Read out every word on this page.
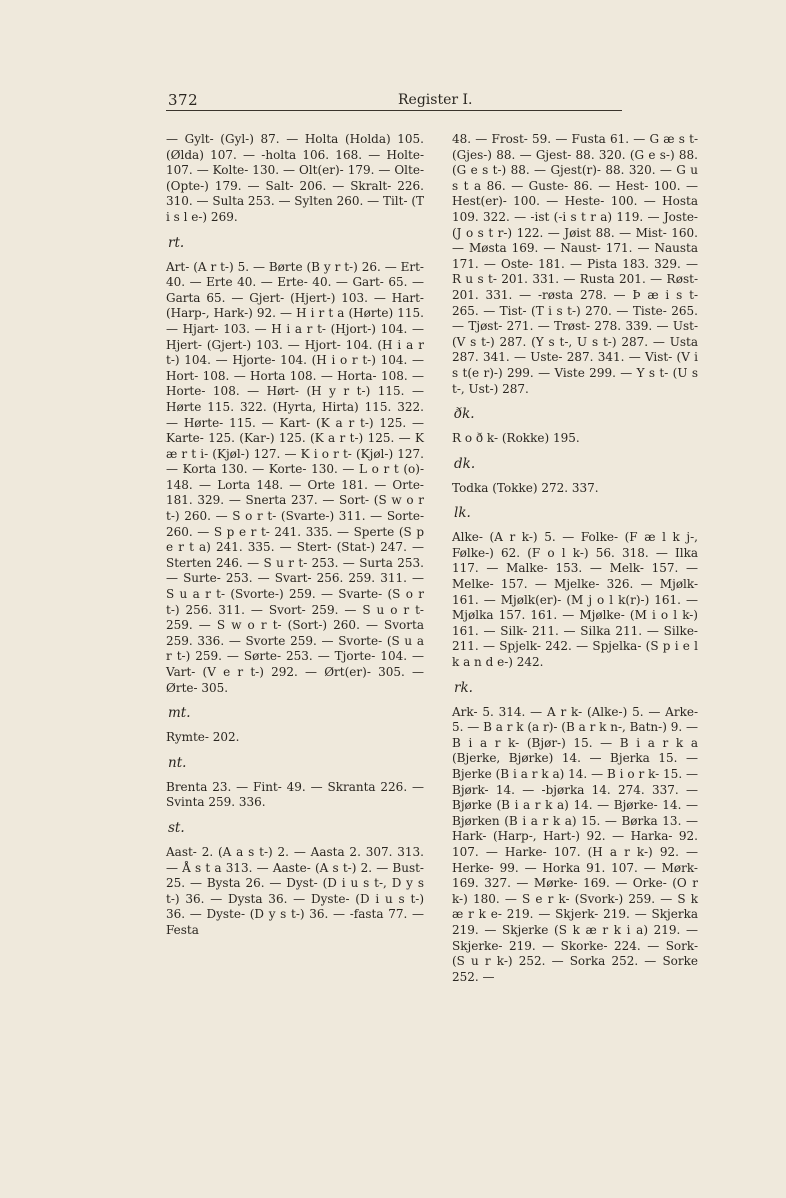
372	Register I.

— Gylt- (Gyl-) 87. — Holta (Holda) 105. (Ølda) 107. — -holta 106. 168. — Holte- 107. — Kolte- 130. — Olt(er)- 179. — Olte- (Opte-) 179. — Salt- 206. — Skralt- 226. 310. — Sulta 253. — Sylten 260. — Tilt- (T i s l e-) 269.

rt.

Art- (A r t-) 5. — Børte (B y r t-) 26. — Ert- 40. — Erte 40. — Erte- 40. — Gart- 65. — Garta 65. — Gjert- (Hjert-) 103. — Hart- (Harp-, Hark-) 92. — H i r t a (Hørte) 115. — Hjart- 103. — H i a r t- (Hjort-) 104. — Hjert- (Gjert-) 103. — Hjort- 104. (H i a r t-) 104. — Hjorte- 104. (H i o r t-) 104. — Hort- 108. — Horta 108. — Horta- 108. — Horte- 108. — Hørt- (H y r t-) 115. — Hørte 115. 322. (Hyrta, Hirta) 115. 322. — Hørte- 115. — Kart- (K a r t-) 125. — Karte- 125. (Kar-) 125. (K a r t-) 125. — K æ r t i- (Kjøl-) 127. — K i o r t- (Kjøl-) 127. — Korta 130. — Korte- 130. — L o r t (o)- 148. — Lorta 148. — Orte 181. — Orte- 181. 329. — Snerta 237. — Sort- (S w o r t-) 260. — S o r t- (Svarte-) 311. — Sorte- 260. — S p e r t- 241. 335. — Sperte (S p e r t a) 241. 335. — Stert- (Stat-) 247. — Sterten 246. — S u r t- 253. — Surta 253. — Surte- 253. — Svart- 256. 259. 311. — S u a r t- (Svorte-) 259. — Svarte- (S o r t-) 256. 311. — Svort- 259. — S u o r t- 259. — S w o r t- (Sort-) 260. — Svorta 259. 336. — Svorte 259. — Svorte- (S u a r t-) 259. — Sørte- 253. — Tjorte- 104. — Vart- (V e r t-) 292. — Ørt(er)- 305. — Ørte- 305.

mt.

Rymte- 202.

nt.

Brenta 23. — Fint- 49. — Skranta 226. — Svinta 259. 336.

st.

Aast- 2. (A a s t-) 2. — Aasta 2. 307. 313. — Å s t a 313. — Aaste- (A s t-) 2. — Bust- 25. — Bysta 26. — Dyst- (D i u s t-, D y s t-) 36. — Dysta 36. — Dyste- (D i u s t-) 36. — Dyste- (D y s t-) 36. — -fasta 77. — Festa

48. — Frost- 59. — Fusta 61. — G æ s t- (Gjes-) 88. — Gjest- 88. 320. (G e s-) 88. (G e s t-) 88. — Gjest(r)- 88. 320. — G u s t a 86. — Guste- 86. — Hest- 100. — Hest(er)- 100. — Heste- 100. — Hosta 109. 322. — -ist (-i s t r a) 119. — Joste- (J o s t r-) 122. — Jøist 88. — Mist- 160. — Møsta 169. — Naust- 171. — Nausta 171. — Oste- 181. — Pista 183. 329. — R u s t- 201. 331. — Rusta 201. — Røst- 201. 331. — -røsta 278. — Þ æ i s t- 265. — Tist- (T i s t-) 270. — Tiste- 265. — Tjøst- 271. — Trøst- 278. 339. — Ust- (V s t-) 287. (Y s t-, U s t-) 287. — Usta 287. 341. — Uste- 287. 341. — Vist- (V i s t(e r)-) 299. — Viste 299. — Y s t- (U s t-, Ust-) 287.

ðk.

R o ð k- (Rokke) 195.

dk.

Todka (Tokke) 272. 337.

lk.

Alke- (A r k-) 5. — Folke- (F æ l k j-, Følke-) 62. (F o l k-) 56. 318. — Ilka 117. — Malke- 153. — Melk- 157. — Melke- 157. — Mjelke- 326. — Mjølk- 161. — Mjølk(er)- (M j o l k(r)-) 161. — Mjølka 157. 161. — Mjølke- (M i o l k-) 161. — Silk- 211. — Silka 211. — Silke- 211. — Spjelk- 242. — Spjelka- (S p i e l k a n d e-) 242.

rk.

Ark- 5. 314. — A r k- (Alke-) 5. — Arke- 5. — B a r k (a r)- (B a r k n-, Batn-) 9. — B i a r k- (Bjør-) 15. — B i a r k a (Bjerke, Bjørke) 14. — Bjerka 15. — Bjerke (B i a r k a) 14. — B i o r k- 15. — Bjørk- 14. — -bjørka 14. 274. 337. — Bjørke (B i a r k a) 14. — Bjørke- 14. — Bjørken (B i a r k a) 15. — Børka 13. — Hark- (Harp-, Hart-) 92. — Harka- 92. 107. — Harke- 107. (H a r k-) 92. — Herke- 99. — Horka 91. 107. — Mørk- 169. 327. — Mørke- 169. — Orke- (O r k-) 180. — S e r k- (Svork-) 259. — S k æ r k e- 219. — Skjerk- 219. — Skjerka 219. — Skjerke (S k æ r k i a) 219. — Skjerke- 219. — Skorke- 224. — Sork- (S u r k-) 252. — Sorka 252. — Sorke 252. —
